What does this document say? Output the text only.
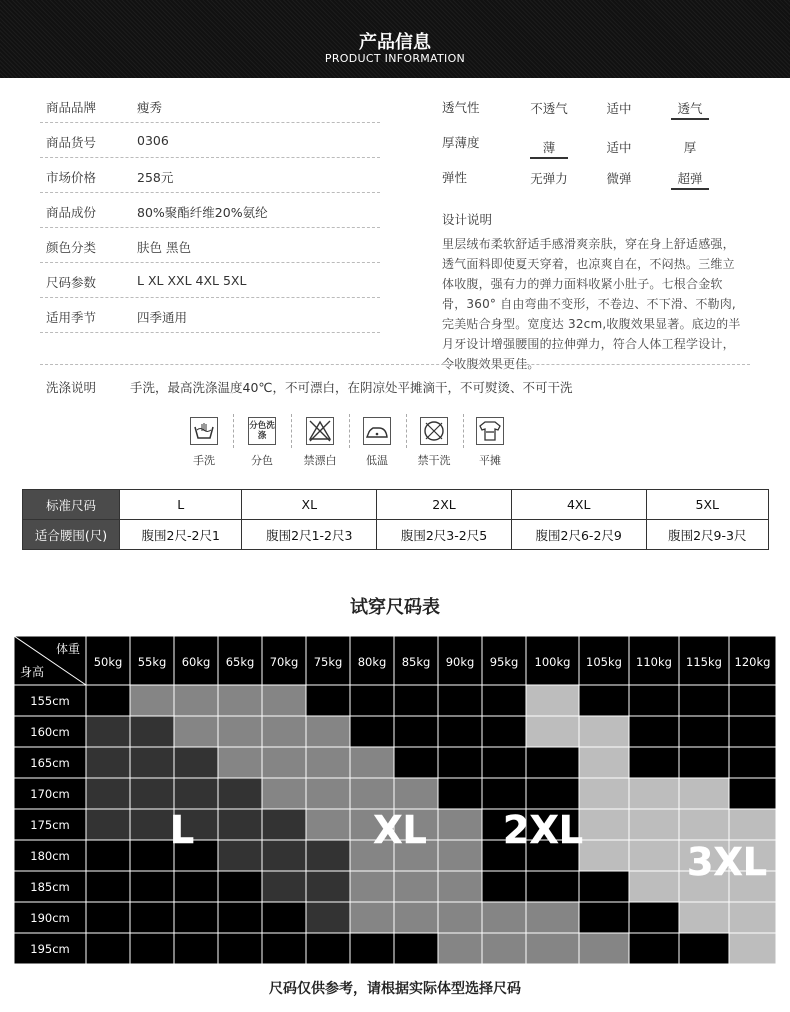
产品信息
PRODUCT INFORMATION
商品品牌	瘦秀
商品货号	0306
市场价格	258元
商品成份	80%聚酯纤维20%氨纶
颜色分类	肤色 黑色
尺码参数	L XL XXL 4XL 5XL
适用季节	四季通用
透气性	不透气	适中	透气
厚薄度	薄	适中	厚
弹性	无弹力	微弹	超弹
设计说明
里层绒布柔软舒适手感滑爽亲肤，穿在身上舒适感强，透气面料即使夏天穿着，也凉爽自在，不闷热。三维立体收腹，强有力的弹力面料收紧小肚子。七根合金软骨，360° 自由弯曲不变形，不卷边、不下滑、不勒肉,完美贴合身型。宽度达 32cm,收腹效果显著。底边的半月牙设计增强腰围的拉伸弹力，符合人体工程学设计，令收腹效果更佳。
洗涤说明	手洗，最高洗涤温度40℃，不可漂白，在阴凉处平摊滴干，不可熨烫、不可干洗
手洗
分色洗涤
分色	禁漂白	低温	禁干洗	平摊
标准尺码	L	XL	2XL	4XL	5XL
适合腰围(尺)	腹围2尺-2尺1	腹围2尺1-2尺3	腹围2尺3-2尺5	腹围2尺6-2尺9	腹围2尺9-3尺
试穿尺码表
体重
身高
50kg 55kg 60kg 65kg 70kg 75kg 80kg 85kg 90kg 95kg 100kg 105kg 110kg 115kg 120kg
155cm
160cm
165cm
170cm
175cm
180cm
185cm
190cm
195cm
L	XL 2XL
3XL
尺码仅供参考，请根据实际体型选择尺码
